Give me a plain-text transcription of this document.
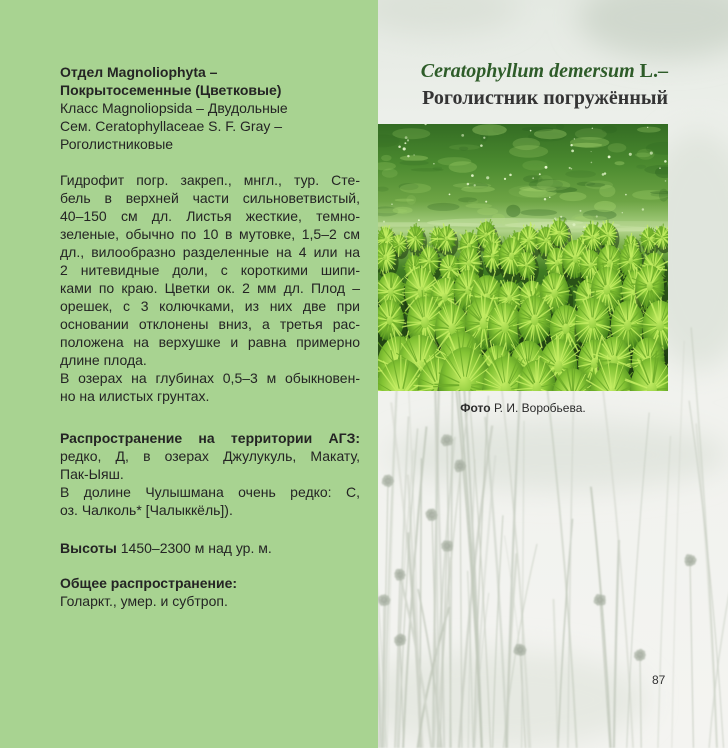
Отдел Magnoliophyta –
Покрытосеменные (Цветковые)
Класс Magnoliopsida – Двудольные
Сем. Ceratophyllaceae S. F. Gray –
Роголистниковые
Гидрофит погр. закреп., мнгл., тур. Сте-
бель в верхней части сильноветвистый,
40–150 см дл. Листья жесткие, темно-
зеленые, обычно по 10 в мутовке, 1,5–2 см
дл., вилообразно разделенные на 4 или на
2 нитевидные доли, с короткими шипи-
ками по краю. Цветки ок. 2 мм дл. Плод –
орешек, с 3 колючками, из них две при
основании отклонены вниз, а третья рас-
положена на верхушке и равна примерно
длине плода.
В озерах на глубинах 0,5–3 м обыкновен-
но на илистых грунтах.
Распространение на территории АГЗ:
редко, Д, в озерах Джулукуль, Макату,
Пак-Ыяш.
В долине Чулышмана очень редко: С,
оз. Чалколь* [Чалыккёль]).
Высоты 1450–2300 м над ур. м.
Общее распространение:
Голаркт., умер. и субтроп.
Ceratophyllum demersum L.–
Роголистник погружённый
Фото Р. И. Воробьева.
87
